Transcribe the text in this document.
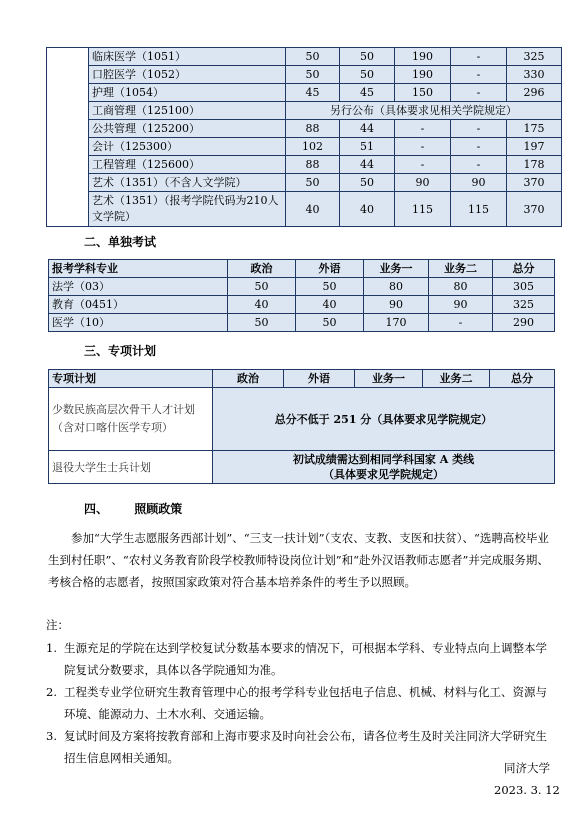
	临床医学（1051）	50	50	190	-	325
	口腔医学（1052）	50	50	190	-	330
	护理（1054）	45	45	150	-	296
	工商管理（125100）	另行公布（具体要求见相关学院规定）				
	公共管理（125200）	88	44	-	-	175
	会计（125300）	102	51	-	-	197
	工程管理（125600）	88	44	-	-	178
	艺术（1351）（不含人文学院）	50	50	90	90	370
	艺术（1351）（报考学院代码为210人文学院）	40	40	115	115	370
二、单独考试
报考学科专业	政治	外语	业务一	业务二	总分
法学（03）	50	50	80	80	305
教育（0451）	40	40	90	90	325
医学（10）	50	50	170	-	290
三、专项计划
专项计划	政治	外语	业务一	业务二	总分
少数民族高层次骨干人才计划（含对口喀什医学专项）	总分不低于 251 分（具体要求见学院规定）				
退役大学生士兵计划	初试成绩需达到相同学科国家 A 类线
（具体要求见学院规定）				
四、 照顾政策
参加“大学生志愿服务西部计划”、“三支一扶计划”（支农、支教、支医和扶贫）、“选聘高校毕业生到村任职”、“农村义务教育阶段学校教师特设岗位计划”和“赴外汉语教师志愿者”并完成服务期、考核合格的志愿者，按照国家政策对符合基本培养条件的考生予以照顾。
注：
1. 生源充足的学院在达到学校复试分数基本要求的情况下，可根据本学科、专业特点向上调整本学院复试分数要求，具体以各学院通知为准。
2. 工程类专业学位研究生教育管理中心的报考学科专业包括电子信息、机械、材料与化工、资源与环境、能源动力、土木水利、交通运输。
3. 复试时间及方案将按教育部和上海市要求及时向社会公布，请各位考生及时关注同济大学研究生招生信息网相关通知。
同济大学
2023. 3. 12
